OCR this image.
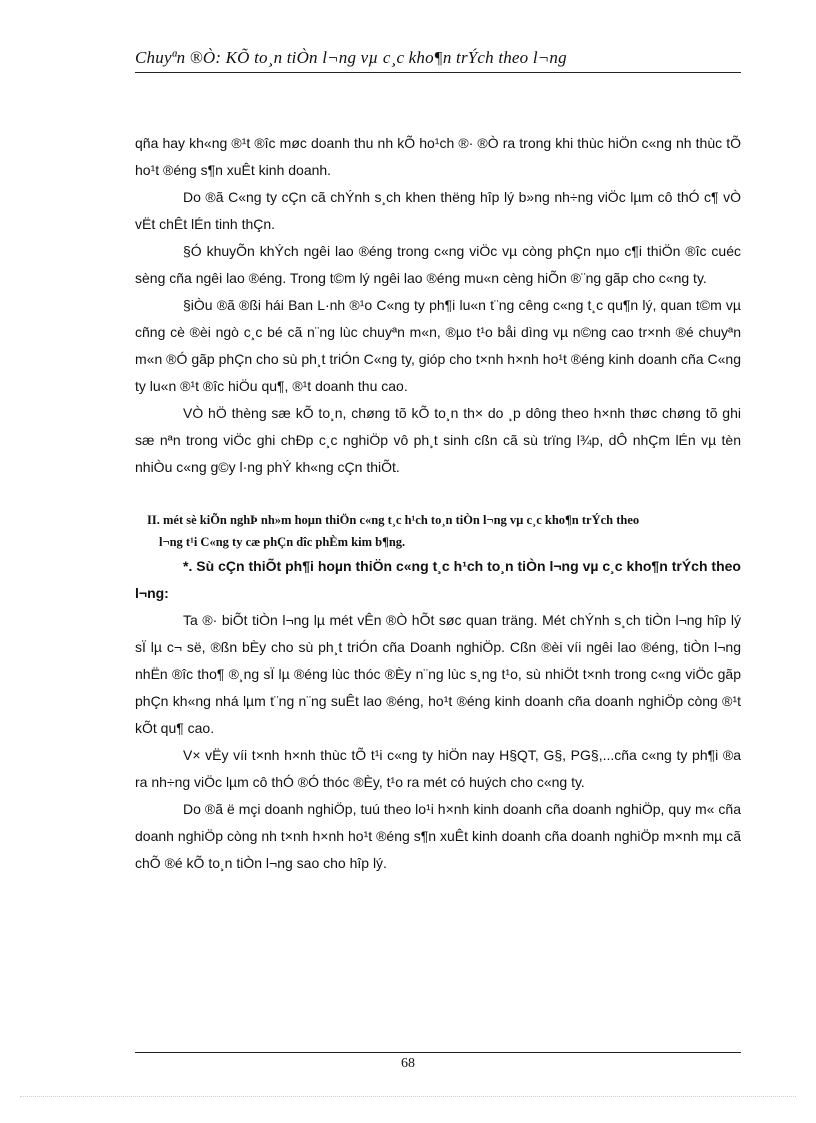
Chuyªn ®Ò: KÕ to¸n tiÒn l¬ng vµ c¸c kho¶n trÝch theo l¬ng

qña hay kh«ng ®¹t ®îc møc doanh thu nh kÕ ho¹ch ®· ®Ò ra trong khi thùc hiÖn c«ng nh thùc tÕ ho¹t ®éng s¶n xuÊt kinh doanh.

Do ®ã C«ng ty cÇn cã chÝnh s¸ch khen thëng hîp lý b»ng nh÷ng viÖc lµm cô thÓ c¶ vÒ vËt chÊt lÉn tinh thÇn.

§Ó khuyÕn khÝch ngêi lao ®éng trong c«ng viÖc vµ còng phÇn nµo c¶i thiÖn ®îc cuéc sèng cña ngêi lao ®éng. Trong t©m lý ngêi lao ®éng mu«n cèng hiÕn ®¨ng gãp cho c«ng ty.

§iÒu ®ã ®ßi hái Ban L·nh ®¹o C«ng ty ph¶i lu«n t¨ng cêng c«ng t¸c qu¶n lý, quan t©m vµ cñng cè ®èi ngò c¸c bé cã n¨ng lùc chuyªn m«n, ®µo t¹o båi dìng vµ n©ng cao tr×nh ®é chuyªn m«n ®Ó gãp phÇn cho sù ph¸t triÓn C«ng ty, gióp cho t×nh h×nh ho¹t ®éng kinh doanh cña C«ng ty lu«n ®¹t ®îc hiÖu qu¶, ®¹t doanh thu cao.

VÒ hÖ thèng sæ kÕ to¸n, chøng tõ kÕ to¸n th× do ¸p dông theo h×nh thøc chøng tõ ghi sæ nªn trong viÖc ghi chÐp c¸c nghiÖp vô ph¸t sinh cßn cã sù trïng l¾p, dÔ nhÇm lÉn vµ tèn nhiÒu c«ng g©y l·ng phÝ kh«ng cÇn thiÕt.

II. mét sè kiÕn nghÞ nh»m hoµn thiÖn c«ng t¸c h¹ch to¸n tiÒn l¬ng vµ c¸c kho¶n trÝch theo
l¬ng t¹i C«ng ty cæ phÇn dîc phÈm kim b¶ng.

*. Sù cÇn thiÕt ph¶i hoµn thiÖn c«ng t¸c h¹ch to¸n tiÒn l¬ng vµ c¸c kho¶n trÝch theo l¬ng:

Ta ®· biÕt tiÒn l¬ng lµ mét vÊn ®Ò hÕt søc quan träng. Mét chÝnh s¸ch tiÒn l¬ng hîp lý sÏ lµ c¬ së, ®ßn bÈy cho sù ph¸t triÓn cña Doanh nghiÖp. Cßn ®èi víi ngêi lao ®éng, tiÒn l¬ng nhËn ®îc tho¶ ®¸ng sÏ lµ ®éng lùc thóc ®Èy n¨ng lùc s¸ng t¹o, sù nhiÖt t×nh trong c«ng viÖc gãp phÇn kh«ng nhá lµm t¨ng n¨ng suÊt lao ®éng, ho¹t ®éng kinh doanh cña doanh nghiÖp còng ®¹t kÕt qu¶ cao.

V× vËy víi t×nh h×nh thùc tÕ t¹i c«ng ty hiÖn nay H§QT, G§, PG§,...cña c«ng ty ph¶i ®a ra nh÷ng viÖc lµm cô thÓ ®Ó thóc ®Èy, t¹o ra mét có huých cho c«ng ty.

Do ®ã ë mçi doanh nghiÖp, tuú theo lo¹i h×nh kinh doanh cña doanh nghiÖp, quy m« cña doanh nghiÖp còng nh t×nh h×nh ho¹t ®éng s¶n xuÊt kinh doanh cña doanh nghiÖp m×nh mµ cã chÕ ®é kÕ to¸n tiÒn l¬ng sao cho hîp lý.

68
